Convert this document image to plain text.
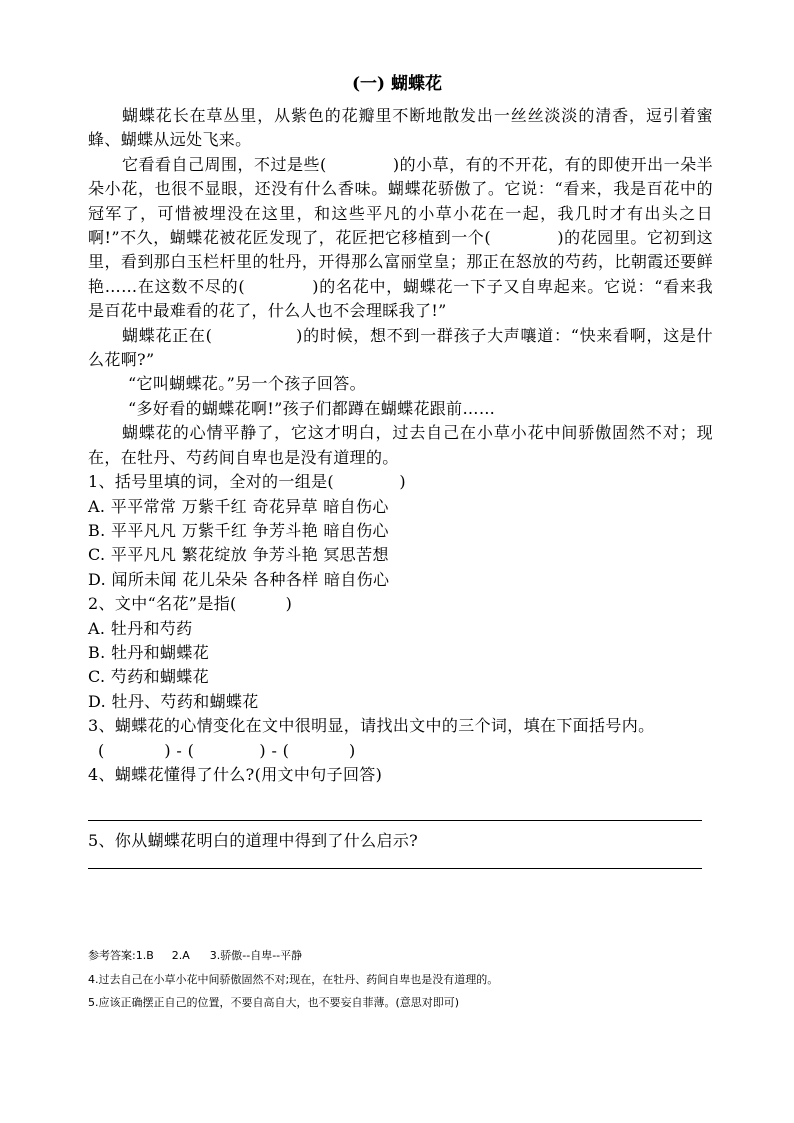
(一) 蝴蝶花

蝴蝶花长在草丛里，从紫色的花瓣里不断地散发出一丝丝淡淡的清香，逗引着蜜蜂、蝴蝶从远处飞来。

它看看自己周围，不过是些(　　　　)的小草，有的不开花，有的即使开出一朵半朵小花，也很不显眼，还没有什么香味。蝴蝶花骄傲了。它说：“看来，我是百花中的冠军了，可惜被埋没在这里，和这些平凡的小草小花在一起，我几时才有出头之日啊!”不久，蝴蝶花被花匠发现了，花匠把它移植到一个(　　　　)的花园里。它初到这里，看到那白玉栏杆里的牡丹，开得那么富丽堂皇；那正在怒放的芍药，比朝霞还要鲜艳……在这数不尽的(　　　　)的名花中，蝴蝶花一下子又自卑起来。它说：“看来我是百花中最难看的花了，什么人也不会理睬我了!”

蝴蝶花正在(　　　　　)的时候，想不到一群孩子大声嚷道：“快来看啊，这是什么花啊?”

“它叫蝴蝶花。”另一个孩子回答。

“多好看的蝴蝶花啊!”孩子们都蹲在蝴蝶花跟前……

蝴蝶花的心情平静了，它这才明白，过去自己在小草小花中间骄傲固然不对；现在，在牡丹、芍药间自卑也是没有道理的。

1、括号里填的词，全对的一组是(　　　　)

A. 平平常常 万紫千红 奇花异草 暗自伤心

B. 平平凡凡 万紫千红 争芳斗艳 暗自伤心

C. 平平凡凡 繁花绽放 争芳斗艳 冥思苦想

D. 闻所未闻 花儿朵朵 各种各样 暗自伤心

2、文中“名花”是指(　　　)

A. 牡丹和芍药

B. 牡丹和蝴蝶花

C. 芍药和蝴蝶花

D. 牡丹、芍药和蝴蝶花

3、蝴蝶花的心情变化在文中很明显，请找出文中的三个词，填在下面括号内。

(           ) - (            ) - (           )

4、蝴蝶花懂得了什么?(用文中句子回答)

5、你从蝴蝶花明白的道理中得到了什么启示?

参考答案:1.B 2.A 3.骄傲--自卑--平静

4.过去自己在小草小花中间骄傲固然不对;现在，在牡丹、药间自卑也是没有道理的。

5.应该正确摆正自己的位置，不要自高自大，也不要妄自菲薄。(意思对即可)
